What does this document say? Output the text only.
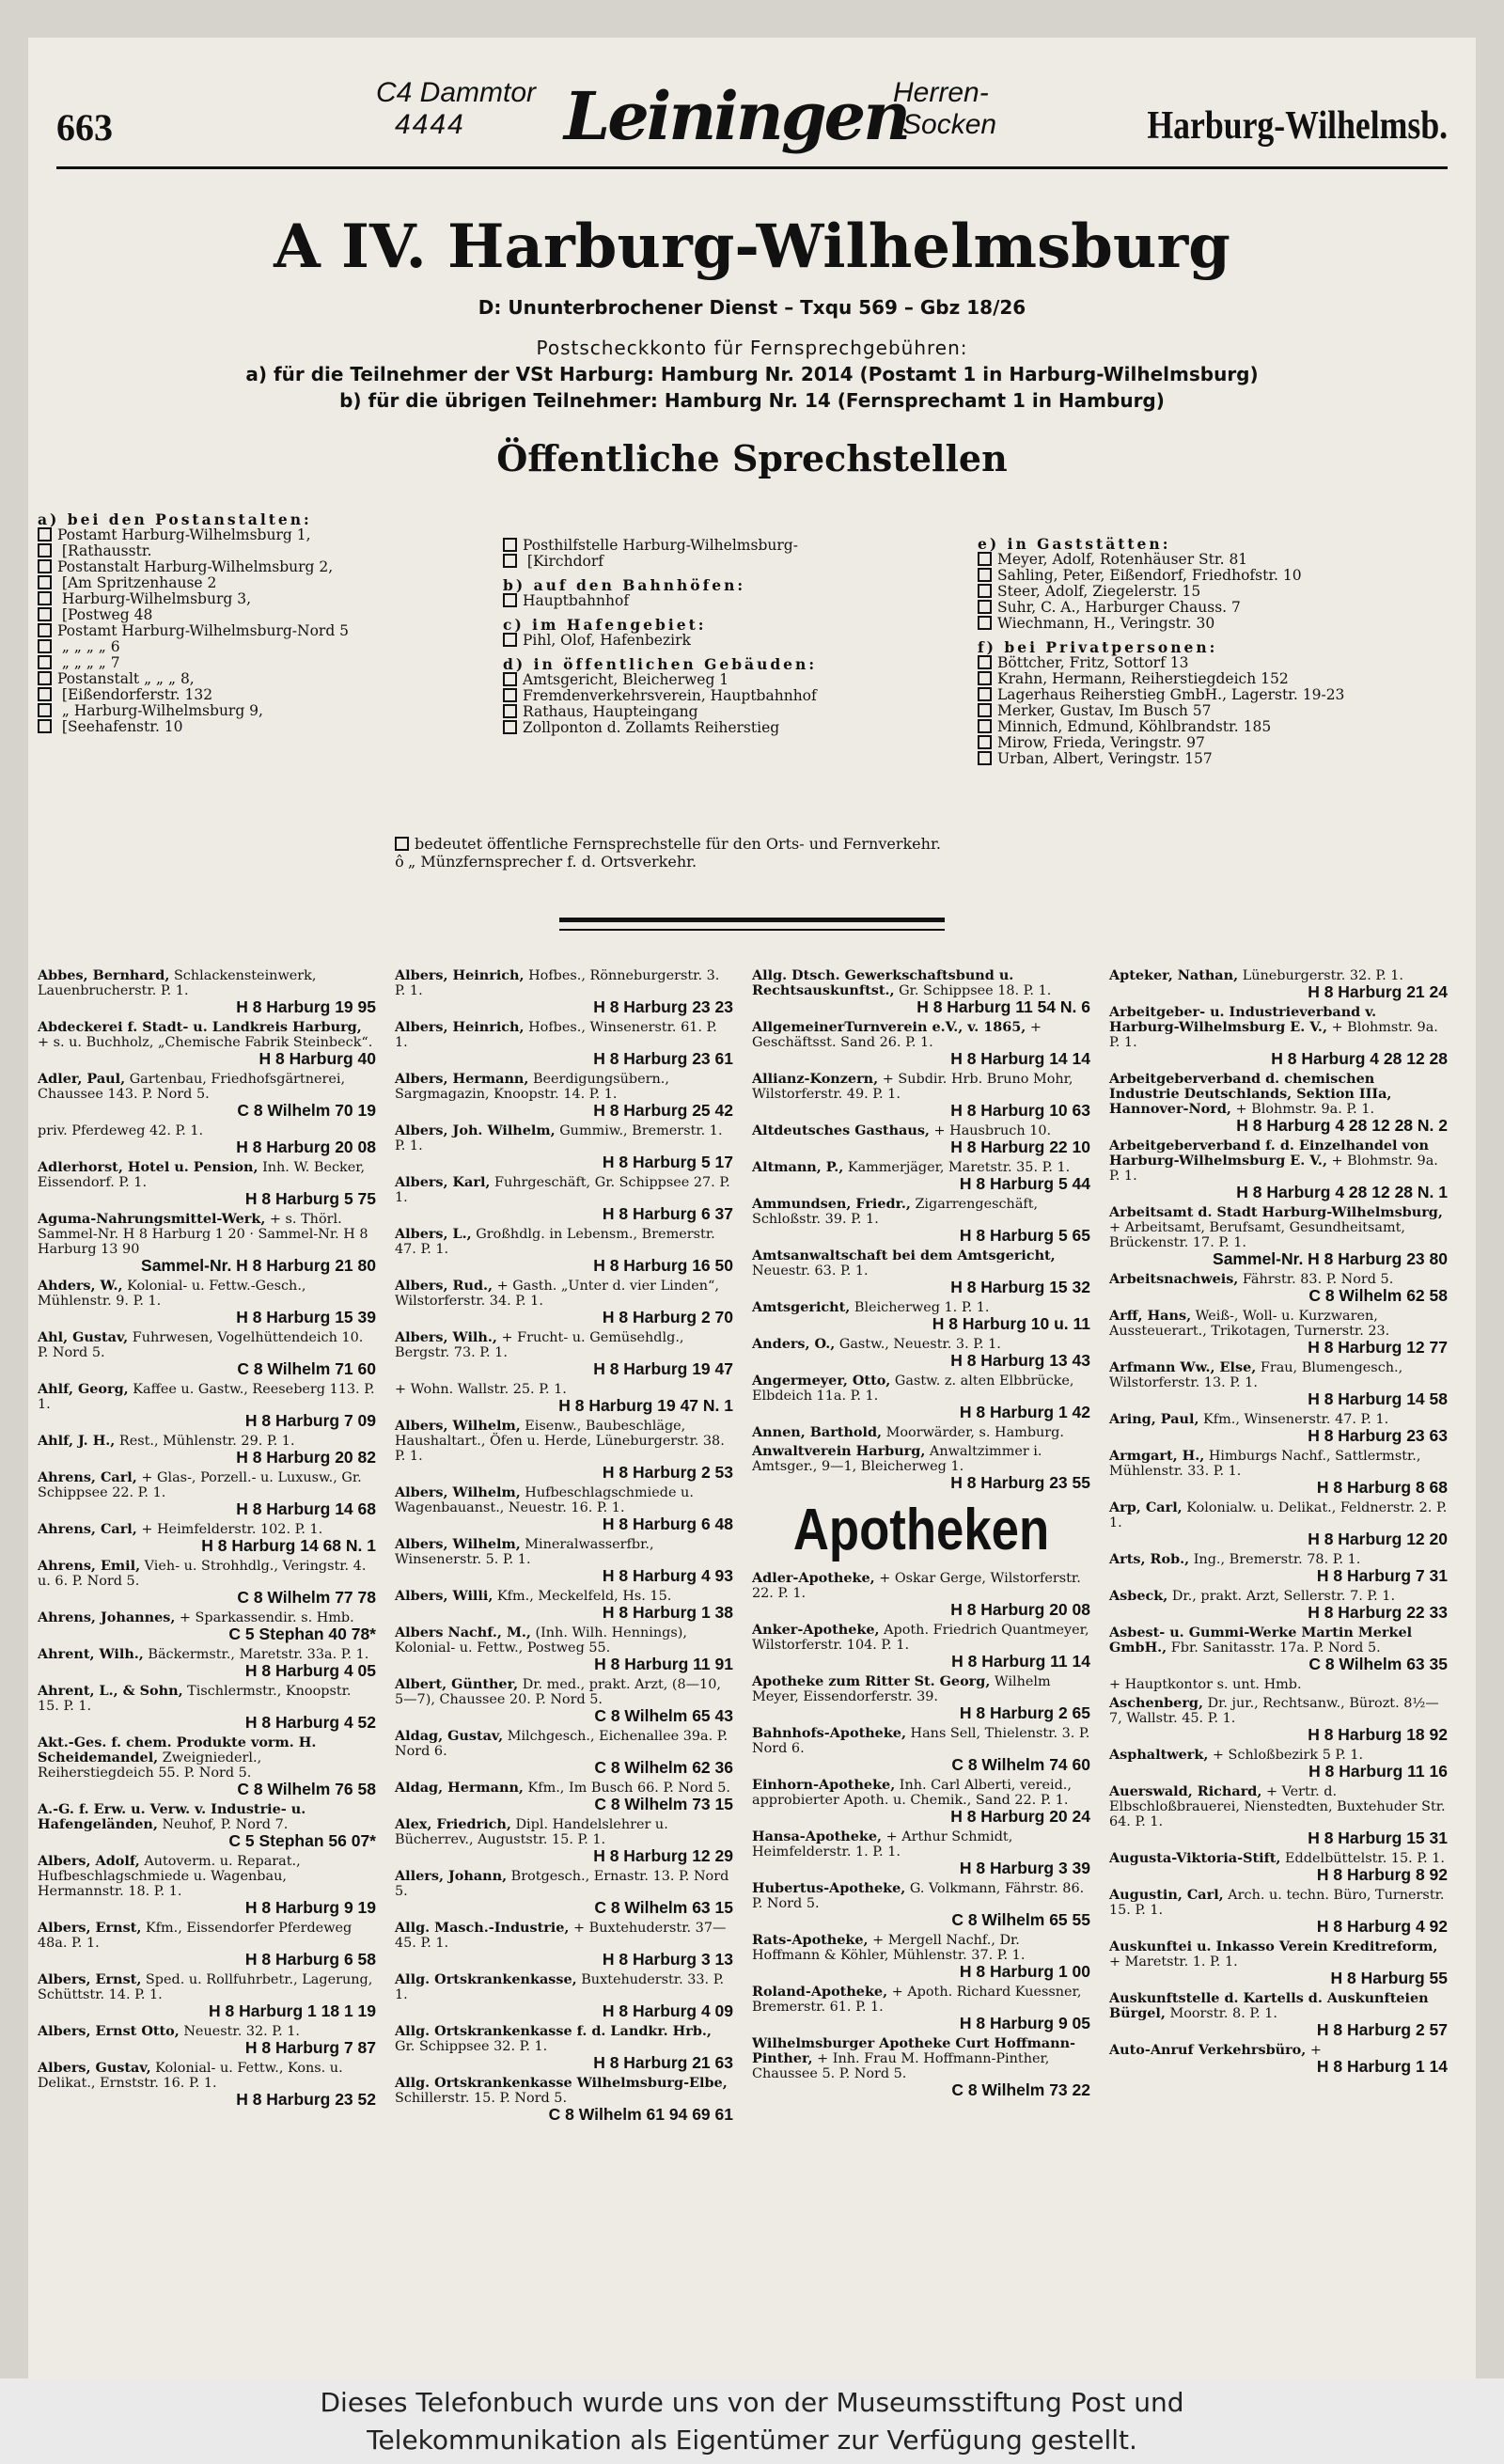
663
C4 Dammtor
4444 Leiningen
Herren-
Socken	Harburg-Wilhelmsb.
A IV. Harburg-Wilhelmsburg
D: Ununterbrochener Dienst – Txqu 569 – Gbz 18/26
Postscheckkonto für Fernsprechgebühren:
a) für die Teilnehmer der VSt Harburg: Hamburg Nr. 2014 (Postamt 1 in Harburg-Wilhelmsburg)
b) für die übrigen Teilnehmer: Hamburg Nr. 14 (Fernsprechamt 1 in Hamburg)
Öffentliche Sprechstellen
a) bei den Postanstalten:
Postamt Harburg-Wilhelmsburg 1,
[Rathausstr.
Postanstalt Harburg-Wilhelmsburg 2,
[Am Spritzenhause 2
Harburg-Wilhelmsburg 3,
[Postweg 48
Postamt Harburg-Wilhelmsburg-Nord 5
„ „ „ „ 6
„ „ „ „ 7
Postanstalt „ „ „ 8,
[Eißendorferstr. 132
„ Harburg-Wilhelmsburg 9,
[Seehafenstr. 10
Posthilfstelle Harburg-Wilhelmsburg-
[Kirchdorf
b) auf den Bahnhöfen:
Hauptbahnhof
c) im Hafengebiet:
Pihl, Olof, Hafenbezirk
d) in öffentlichen Gebäuden:
Amtsgericht, Bleicherweg 1
Fremdenverkehrsverein, Hauptbahnhof
Rathaus, Haupteingang
Zollponton d. Zollamts Reiherstieg
e) in Gaststätten:
Meyer, Adolf, Rotenhäuser Str. 81
Sahling, Peter, Eißendorf, Friedhofstr. 10
Steer, Adolf, Ziegelerstr. 15
Suhr, C. A., Harburger Chauss. 7
Wiechmann, H., Veringstr. 30
f) bei Privatpersonen:
Böttcher, Fritz, Sottorf 13
Krahn, Hermann, Reiherstiegdeich 152
Lagerhaus Reiherstieg GmbH., Lagerstr. 19-23
Merker, Gustav, Im Busch 57
Minnich, Edmund, Köhlbrandstr. 185
Mirow, Frieda, Veringstr. 97
Urban, Albert, Veringstr. 157
bedeutet öffentliche Fernsprechstelle für den Orts- und Fernverkehr.
ô „ Münzfernsprecher f. d. Ortsverkehr.
Abbes, Bernhard, Schlackensteinwerk, Lauenbrucherstr. P. 1.
H 8 Harburg 19 95
Abdeckerei f. Stadt- u. Landkreis Harburg, + s. u. Buchholz, „Chemische Fabrik Steinbeck“.
H 8 Harburg 40
Adler, Paul, Gartenbau, Friedhofsgärtnerei, Chaussee 143. P. Nord 5.
C 8 Wilhelm 70 19
priv. Pferdeweg 42. P. 1.
H 8 Harburg 20 08
Adlerhorst, Hotel u. Pension, Inh. W. Becker, Eissendorf. P. 1.
H 8 Harburg 5 75
Aguma-Nahrungsmittel-Werk, + s. Thörl. Sammel-Nr. H 8 Harburg 1 20 · Sammel-Nr. H 8 Harburg 13 90
Sammel-Nr. H 8 Harburg 21 80
Ahders, W., Kolonial- u. Fettw.-Gesch., Mühlenstr. 9. P. 1.
H 8 Harburg 15 39
Ahl, Gustav, Fuhrwesen, Vogelhüttendeich 10. P. Nord 5.
C 8 Wilhelm 71 60
Ahlf, Georg, Kaffee u. Gastw., Reeseberg 113. P. 1.
H 8 Harburg 7 09
Ahlf, J. H., Rest., Mühlenstr. 29. P. 1.
H 8 Harburg 20 82
Ahrens, Carl, + Glas-, Porzell.- u. Luxusw., Gr. Schippsee 22. P. 1.
H 8 Harburg 14 68
Ahrens, Carl, + Heimfelderstr. 102. P. 1.
H 8 Harburg 14 68 N. 1
Ahrens, Emil, Vieh- u. Strohhdlg., Veringstr. 4. u. 6. P. Nord 5.
C 8 Wilhelm 77 78
Ahrens, Johannes, + Sparkassendir. s. Hmb.
C 5 Stephan 40 78*
Ahrent, Wilh., Bäckermstr., Maretstr. 33a. P. 1.
H 8 Harburg 4 05
Ahrent, L., & Sohn, Tischlermstr., Knoopstr. 15. P. 1.
H 8 Harburg 4 52
Akt.-Ges. f. chem. Produkte vorm. H. Scheidemandel, Zweigniederl., Reiherstiegdeich 55. P. Nord 5.
C 8 Wilhelm 76 58
A.-G. f. Erw. u. Verw. v. Industrie- u. Hafengeländen, Neuhof, P. Nord 7.
C 5 Stephan 56 07*
Albers, Adolf, Autoverm. u. Reparat., Hufbeschlagschmiede u. Wagenbau, Hermannstr. 18. P. 1.
H 8 Harburg 9 19
Albers, Ernst, Kfm., Eissendorfer Pferdeweg 48a. P. 1.
H 8 Harburg 6 58
Albers, Ernst, Sped. u. Rollfuhrbetr., Lagerung, Schüttstr. 14. P. 1.
H 8 Harburg 1 18 1 19
Albers, Ernst Otto, Neuestr. 32. P. 1.
H 8 Harburg 7 87
Albers, Gustav, Kolonial- u. Fettw., Kons. u. Delikat., Ernststr. 16. P. 1.
H 8 Harburg 23 52
Albers, Heinrich, Hofbes., Rönneburgerstr. 3. P. 1.
H 8 Harburg 23 23
Albers, Heinrich, Hofbes., Winsenerstr. 61. P. 1.
H 8 Harburg 23 61
Albers, Hermann, Beerdigungsübern., Sargmagazin, Knoopstr. 14. P. 1.
H 8 Harburg 25 42
Albers, Joh. Wilhelm, Gummiw., Bremerstr. 1. P. 1.
H 8 Harburg 5 17
Albers, Karl, Fuhrgeschäft, Gr. Schippsee 27. P. 1.
H 8 Harburg 6 37
Albers, L., Großhdlg. in Lebensm., Bremerstr. 47. P. 1.
H 8 Harburg 16 50
Albers, Rud., + Gasth. „Unter d. vier Linden“, Wilstorferstr. 34. P. 1.
H 8 Harburg 2 70
Albers, Wilh., + Frucht- u. Gemüsehdlg., Bergstr. 73. P. 1.
H 8 Harburg 19 47
+ Wohn. Wallstr. 25. P. 1.
H 8 Harburg 19 47 N. 1
Albers, Wilhelm, Eisenw., Baubeschläge, Haushaltart., Öfen u. Herde, Lüneburgerstr. 38. P. 1.
H 8 Harburg 2 53
Albers, Wilhelm, Hufbeschlagschmiede u. Wagenbauanst., Neuestr. 16. P. 1.
H 8 Harburg 6 48
Albers, Wilhelm, Mineralwasserfbr., Winsenerstr. 5. P. 1.
H 8 Harburg 4 93
Albers, Willi, Kfm., Meckelfeld, Hs. 15.
H 8 Harburg 1 38
Albers Nachf., M., (Inh. Wilh. Hennings), Kolonial- u. Fettw., Postweg 55.
H 8 Harburg 11 91
Albert, Günther, Dr. med., prakt. Arzt, (8—10, 5—7), Chaussee 20. P. Nord 5.
C 8 Wilhelm 65 43
Aldag, Gustav, Milchgesch., Eichenallee 39a. P. Nord 6.
C 8 Wilhelm 62 36
Aldag, Hermann, Kfm., Im Busch 66. P. Nord 5.
C 8 Wilhelm 73 15
Alex, Friedrich, Dipl. Handelslehrer u. Bücherrev., Auguststr. 15. P. 1.
H 8 Harburg 12 29
Allers, Johann, Brotgesch., Ernastr. 13. P. Nord 5.
C 8 Wilhelm 63 15
Allg. Masch.-Industrie, + Buxtehuderstr. 37—45. P. 1.
H 8 Harburg 3 13
Allg. Ortskrankenkasse, Buxtehuderstr. 33. P. 1.
H 8 Harburg 4 09
Allg. Ortskrankenkasse f. d. Landkr. Hrb., Gr. Schippsee 32. P. 1.
H 8 Harburg 21 63
Allg. Ortskrankenkasse Wilhelmsburg-Elbe, Schillerstr. 15. P. Nord 5.
C 8 Wilhelm 61 94 69 61
Allg. Dtsch. Gewerkschaftsbund u. Rechtsauskunftst., Gr. Schippsee 18. P. 1.
H 8 Harburg 11 54 N. 6
AllgemeinerTurnverein e.V., v. 1865, + Geschäftsst. Sand 26. P. 1.
H 8 Harburg 14 14
Allianz-Konzern, + Subdir. Hrb. Bruno Mohr, Wilstorferstr. 49. P. 1.
H 8 Harburg 10 63
Altdeutsches Gasthaus, + Hausbruch 10.
H 8 Harburg 22 10
Altmann, P., Kammerjäger, Maretstr. 35. P. 1.
H 8 Harburg 5 44
Ammundsen, Friedr., Zigarrengeschäft, Schloßstr. 39. P. 1.
H 8 Harburg 5 65
Amtsanwaltschaft bei dem Amtsgericht, Neuestr. 63. P. 1.
H 8 Harburg 15 32
Amtsgericht, Bleicherweg 1. P. 1.
H 8 Harburg 10 u. 11
Anders, O., Gastw., Neuestr. 3. P. 1.
H 8 Harburg 13 43
Angermeyer, Otto, Gastw. z. alten Elbbrücke, Elbdeich 11a. P. 1.
H 8 Harburg 1 42
Annen, Barthold, Moorwärder, s. Hamburg.
Anwaltverein Harburg, Anwaltzimmer i. Amtsger., 9—1, Bleicherweg 1.
H 8 Harburg 23 55
Apotheken
Adler-Apotheke, + Oskar Gerge, Wilstorferstr. 22. P. 1.
H 8 Harburg 20 08
Anker-Apotheke, Apoth. Friedrich Quantmeyer, Wilstorferstr. 104. P. 1.
H 8 Harburg 11 14
Apotheke zum Ritter St. Georg, Wilhelm Meyer, Eissendorferstr. 39.
H 8 Harburg 2 65
Bahnhofs-Apotheke, Hans Sell, Thielenstr. 3. P. Nord 6.
C 8 Wilhelm 74 60
Einhorn-Apotheke, Inh. Carl Alberti, vereid., approbierter Apoth. u. Chemik., Sand 22. P. 1.
H 8 Harburg 20 24
Hansa-Apotheke, + Arthur Schmidt, Heimfelderstr. 1. P. 1.
H 8 Harburg 3 39
Hubertus-Apotheke, G. Volkmann, Fährstr. 86. P. Nord 5.
C 8 Wilhelm 65 55
Rats-Apotheke, + Mergell Nachf., Dr. Hoffmann & Köhler, Mühlenstr. 37. P. 1.
H 8 Harburg 1 00
Roland-Apotheke, + Apoth. Richard Kuessner, Bremerstr. 61. P. 1.
H 8 Harburg 9 05
Wilhelmsburger Apotheke Curt Hoffmann-Pinther, + Inh. Frau M. Hoffmann-Pinther, Chaussee 5. P. Nord 5.
C 8 Wilhelm 73 22
Apteker, Nathan, Lüneburgerstr. 32. P. 1.
H 8 Harburg 21 24
Arbeitgeber- u. Industrieverband v. Harburg-Wilhelmsburg E. V., + Blohmstr. 9a. P. 1.
H 8 Harburg 4 28 12 28
Arbeitgeberverband d. chemischen Industrie Deutschlands, Sektion IIIa, Hannover-Nord, + Blohmstr. 9a. P. 1.
H 8 Harburg 4 28 12 28 N. 2
Arbeitgeberverband f. d. Einzelhandel von Harburg-Wilhelmsburg E. V., + Blohmstr. 9a. P. 1.
H 8 Harburg 4 28 12 28 N. 1
Arbeitsamt d. Stadt Harburg-Wilhelmsburg, + Arbeitsamt, Berufsamt, Gesundheitsamt, Brückenstr. 17. P. 1.
Sammel-Nr. H 8 Harburg 23 80
Arbeitsnachweis, Fährstr. 83. P. Nord 5.
C 8 Wilhelm 62 58
Arff, Hans, Weiß-, Woll- u. Kurzwaren, Aussteuerart., Trikotagen, Turnerstr. 23.
H 8 Harburg 12 77
Arfmann Ww., Else, Frau, Blumengesch., Wilstorferstr. 13. P. 1.
H 8 Harburg 14 58
Aring, Paul, Kfm., Winsenerstr. 47. P. 1.
H 8 Harburg 23 63
Armgart, H., Himburgs Nachf., Sattlermstr., Mühlenstr. 33. P. 1.
H 8 Harburg 8 68
Arp, Carl, Kolonialw. u. Delikat., Feldnerstr. 2. P. 1.
H 8 Harburg 12 20
Arts, Rob., Ing., Bremerstr. 78. P. 1.
H 8 Harburg 7 31
Asbeck, Dr., prakt. Arzt, Sellerstr. 7. P. 1.
H 8 Harburg 22 33
Asbest- u. Gummi-Werke Martin Merkel GmbH., Fbr. Sanitasstr. 17a. P. Nord 5.
C 8 Wilhelm 63 35
+ Hauptkontor s. unt. Hmb.
Aschenberg, Dr. jur., Rechtsanw., Bürozt. 8½—7, Wallstr. 45. P. 1.
H 8 Harburg 18 92
Asphaltwerk, + Schloßbezirk 5 P. 1.
H 8 Harburg 11 16
Auerswald, Richard, + Vertr. d. Elbschloßbrauerei, Nienstedten, Buxtehuder Str. 64. P. 1.
H 8 Harburg 15 31
Augusta-Viktoria-Stift, Eddelbüttelstr. 15. P. 1.
H 8 Harburg 8 92
Augustin, Carl, Arch. u. techn. Büro, Turnerstr. 15. P. 1.
H 8 Harburg 4 92
Auskunftei u. Inkasso Verein Kreditreform, + Maretstr. 1. P. 1.
H 8 Harburg 55
Auskunftstelle d. Kartells d. Auskunfteien Bürgel, Moorstr. 8. P. 1.
H 8 Harburg 2 57
Auto-Anruf Verkehrsbüro, +
H 8 Harburg 1 14
Dieses Telefonbuch wurde uns von der Museumsstiftung Post und
Telekommunikation als Eigentümer zur Verfügung gestellt.
